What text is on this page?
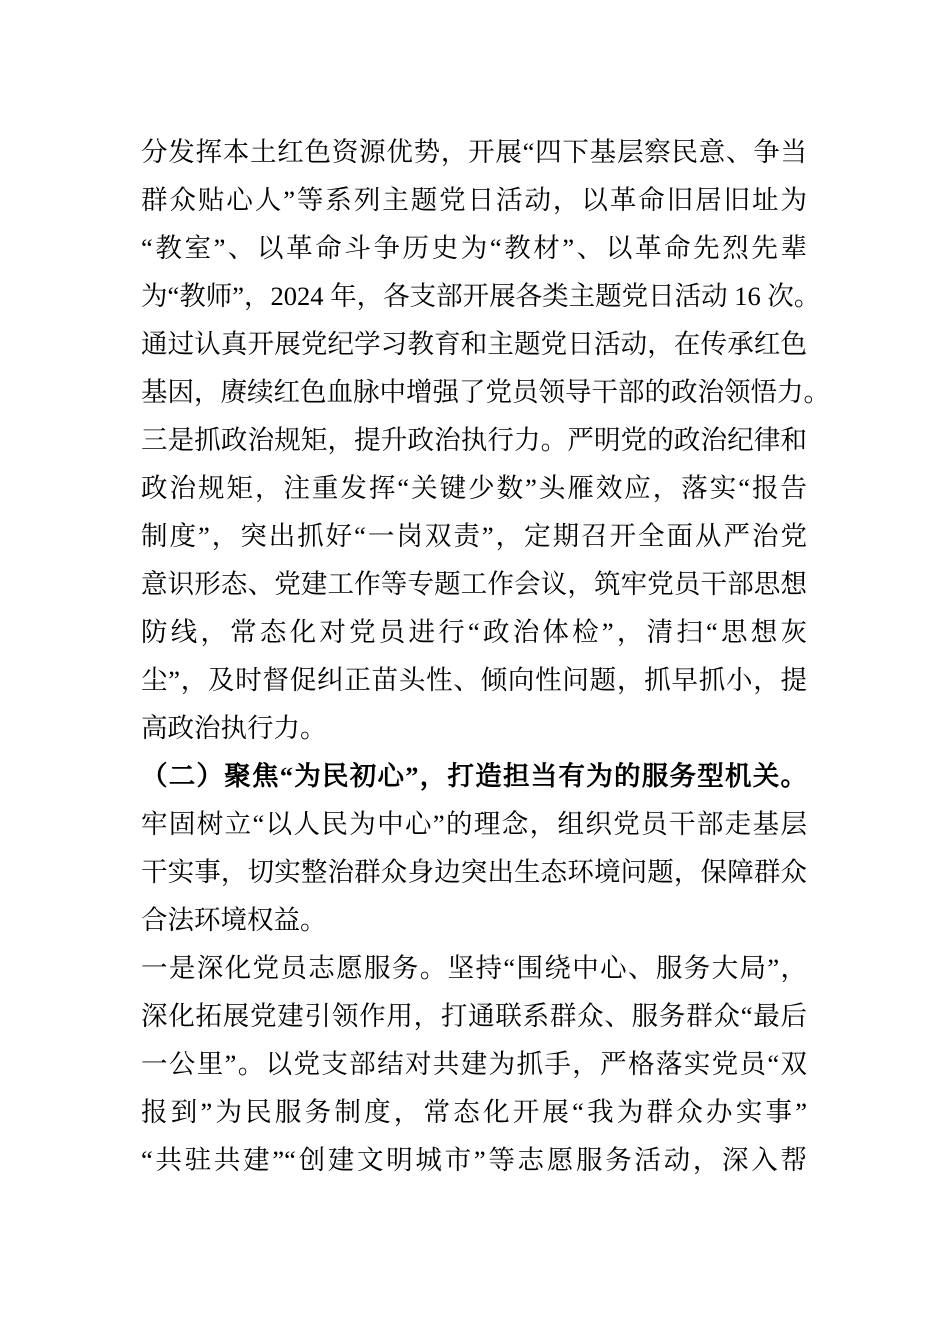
分发挥本土红色资源优势，开展“四下基层察民意、争当
群众贴心人”等系列主题党日活动，以革命旧居旧址为
“教室”、以革命斗争历史为“教材”、以革命先烈先辈
为“教师”，2024 年，各支部开展各类主题党日活动 16 次。
通过认真开展党纪学习教育和主题党日活动，在传承红色
基因，赓续红色血脉中增强了党员领导干部的政治领悟力。
三是抓政治规矩，提升政治执行力。严明党的政治纪律和
政治规矩，注重发挥“关键少数”头雁效应，落实“报告
制度”，突出抓好“一岗双责”，定期召开全面从严治党
意识形态、党建工作等专题工作会议，筑牢党员干部思想
防线，常态化对党员进行“政治体检”，清扫“思想灰
尘”，及时督促纠正苗头性、倾向性问题，抓早抓小，提
高政治执行力。
（二）聚焦“为民初心”，打造担当有为的服务型机关。
牢固树立“以人民为中心”的理念，组织党员干部走基层
干实事，切实整治群众身边突出生态环境问题，保障群众
合法环境权益。
一是深化党员志愿服务。坚持“围绕中心、服务大局”，
深化拓展党建引领作用，打通联系群众、服务群众“最后
一公里”。以党支部结对共建为抓手，严格落实党员“双
报到”为民服务制度，常态化开展“我为群众办实事”
“共驻共建”“创建文明城市”等志愿服务活动，深入帮
